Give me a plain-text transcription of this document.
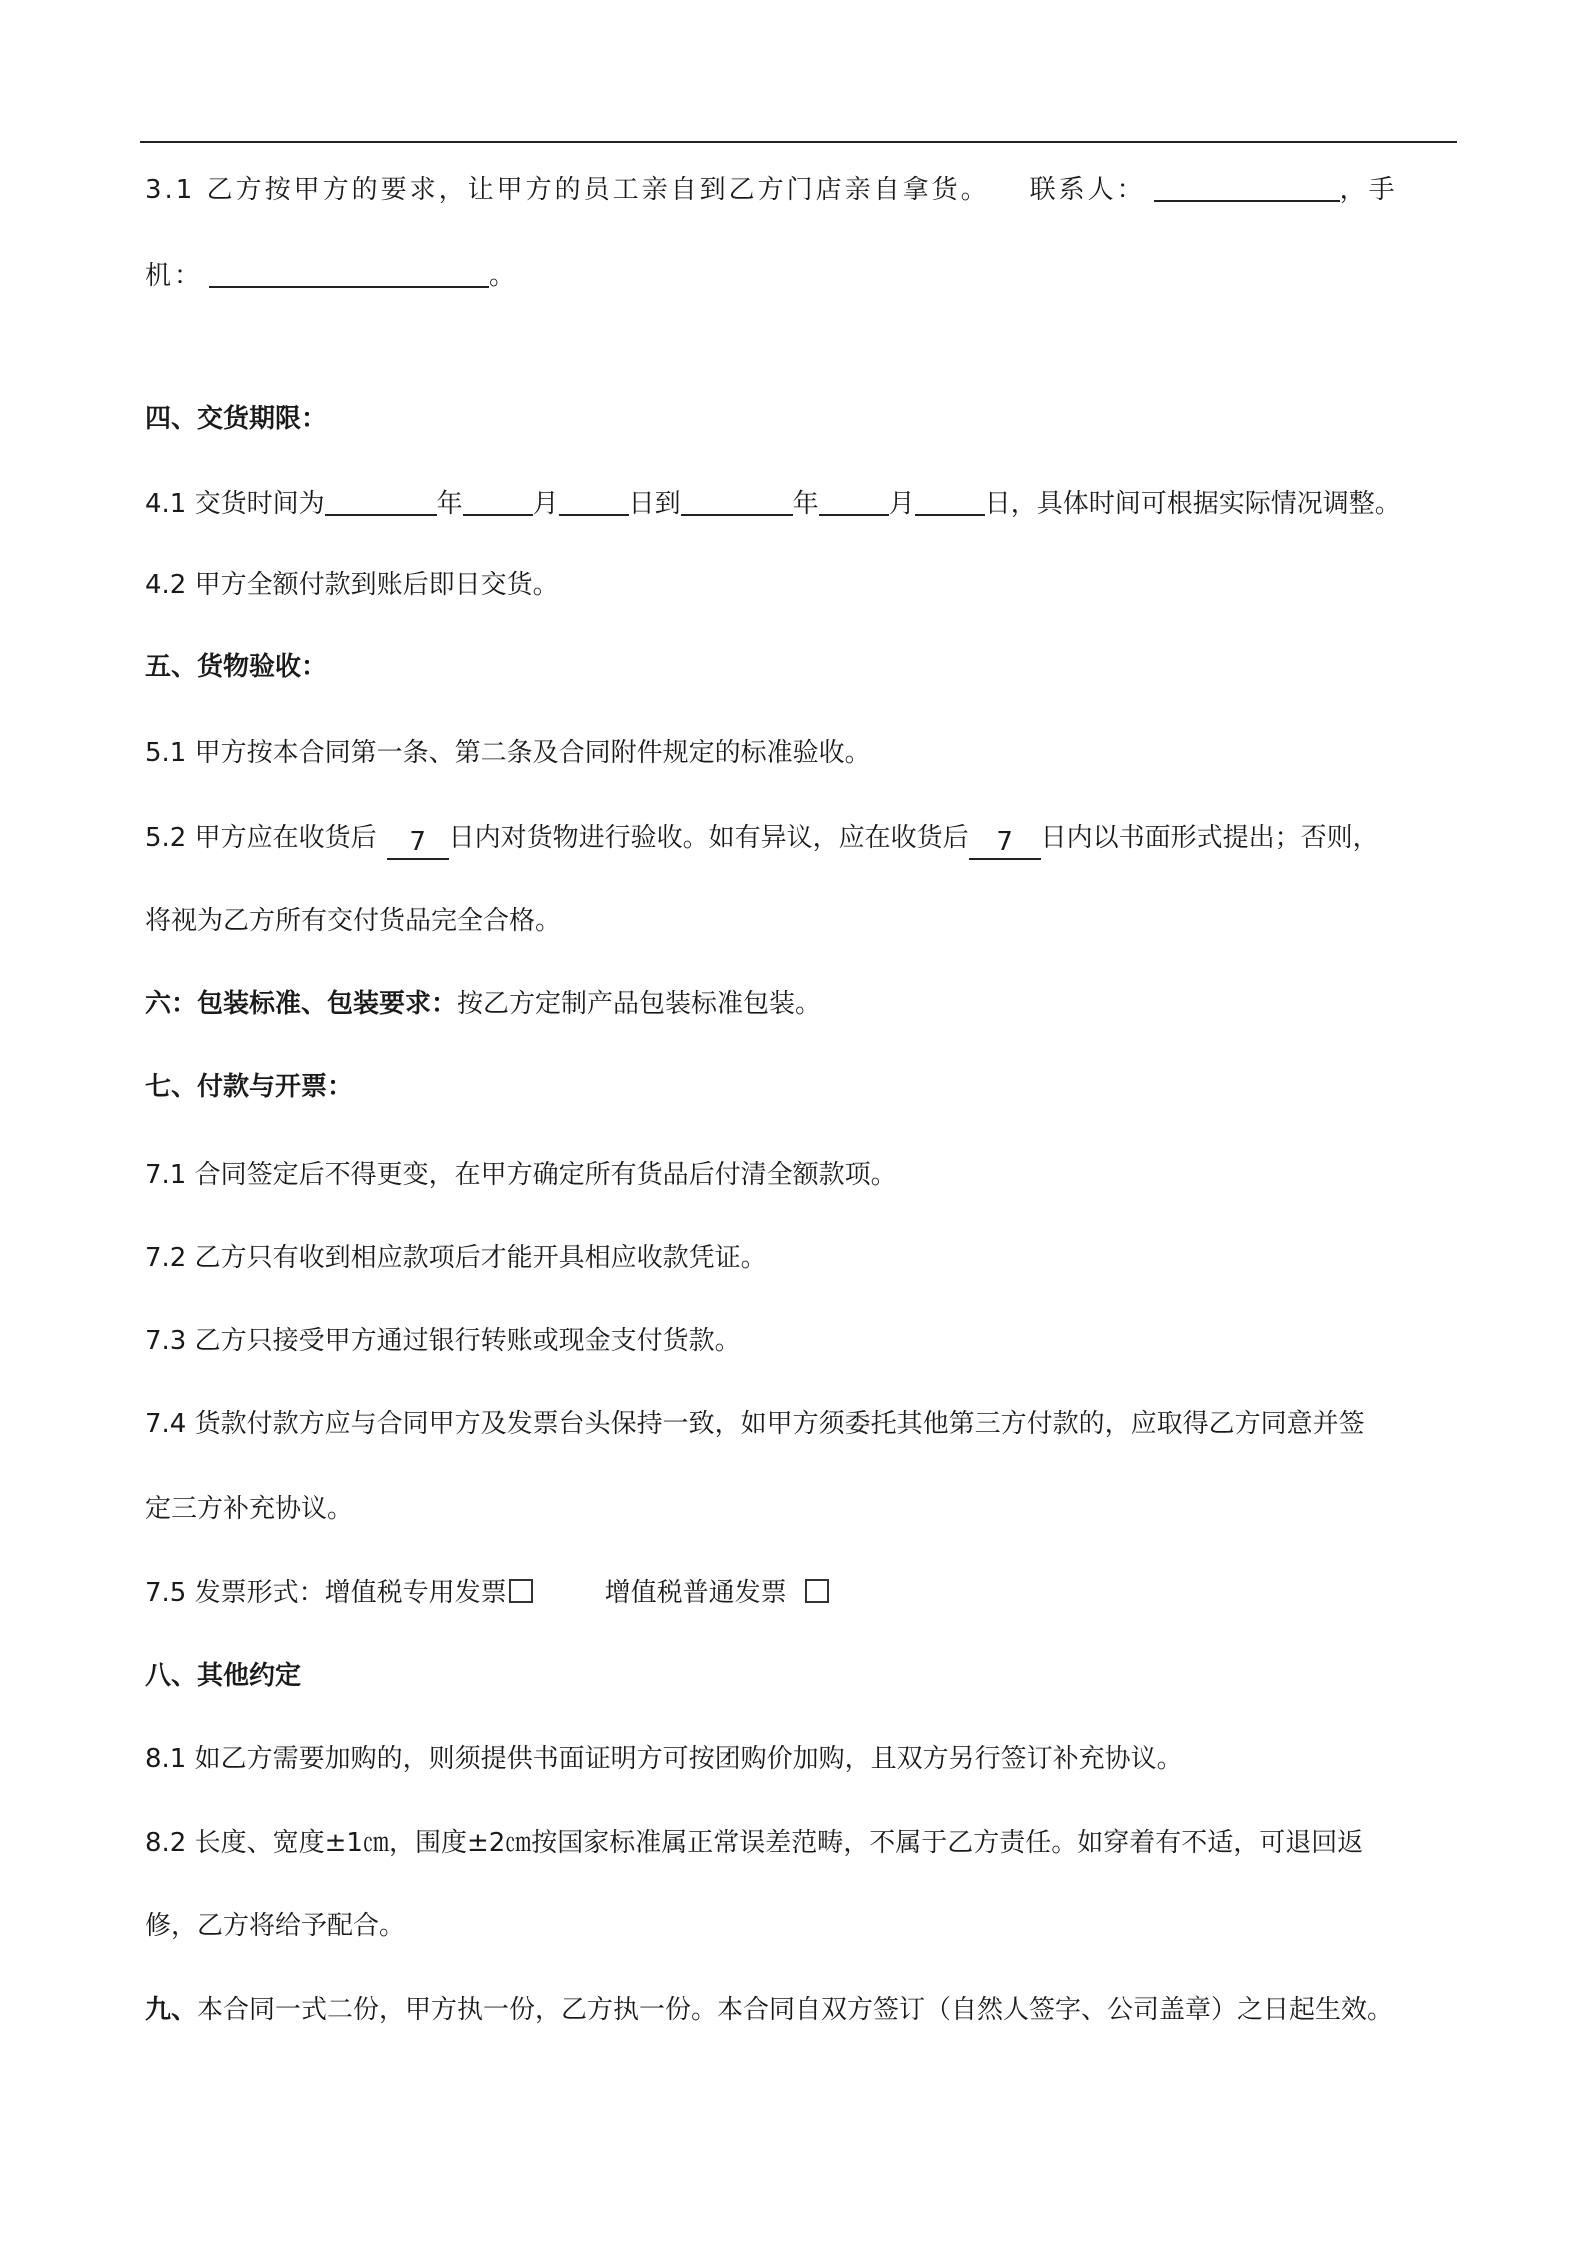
3.1 乙方按甲方的要求，让甲方的员工亲自到乙方门店亲自拿货。 联系人：	，手
机：	。
四、交货期限：
4.1 交货时间为	年	月	日到	年	月	日，具体时间可根据实际情况调整。
4.2 甲方全额付款到账后即日交货。
五、货物验收：
5.1 甲方按本合同第一条、第二条及合同附件规定的标准验收。
5.2 甲方应在收货后 7 日内对货物进行验收。如有异议，应在收货后 7 日内以书面形式提出；否则，
将视为乙方所有交付货品完全合格。
六：包装标准、包装要求：按乙方定制产品包装标准包装。
七、付款与开票：
7.1 合同签定后不得更变，在甲方确定所有货品后付清全额款项。
7.2 乙方只有收到相应款项后才能开具相应收款凭证。
7.3 乙方只接受甲方通过银行转账或现金支付货款。
7.4 货款付款方应与合同甲方及发票台头保持一致，如甲方须委托其他第三方付款的，应取得乙方同意并签
定三方补充协议。
7.5 发票形式：增值税专用发票	增值税普通发票
八、其他约定
8.1 如乙方需要加购的，则须提供书面证明方可按团购价加购，且双方另行签订补充协议。
8.2 长度、宽度±1㎝，围度±2㎝按国家标准属正常误差范畴，不属于乙方责任。如穿着有不适，可退回返
修，乙方将给予配合。
九、本合同一式二份，甲方执一份，乙方执一份。本合同自双方签订（自然人签字、公司盖章）之日起生效。
